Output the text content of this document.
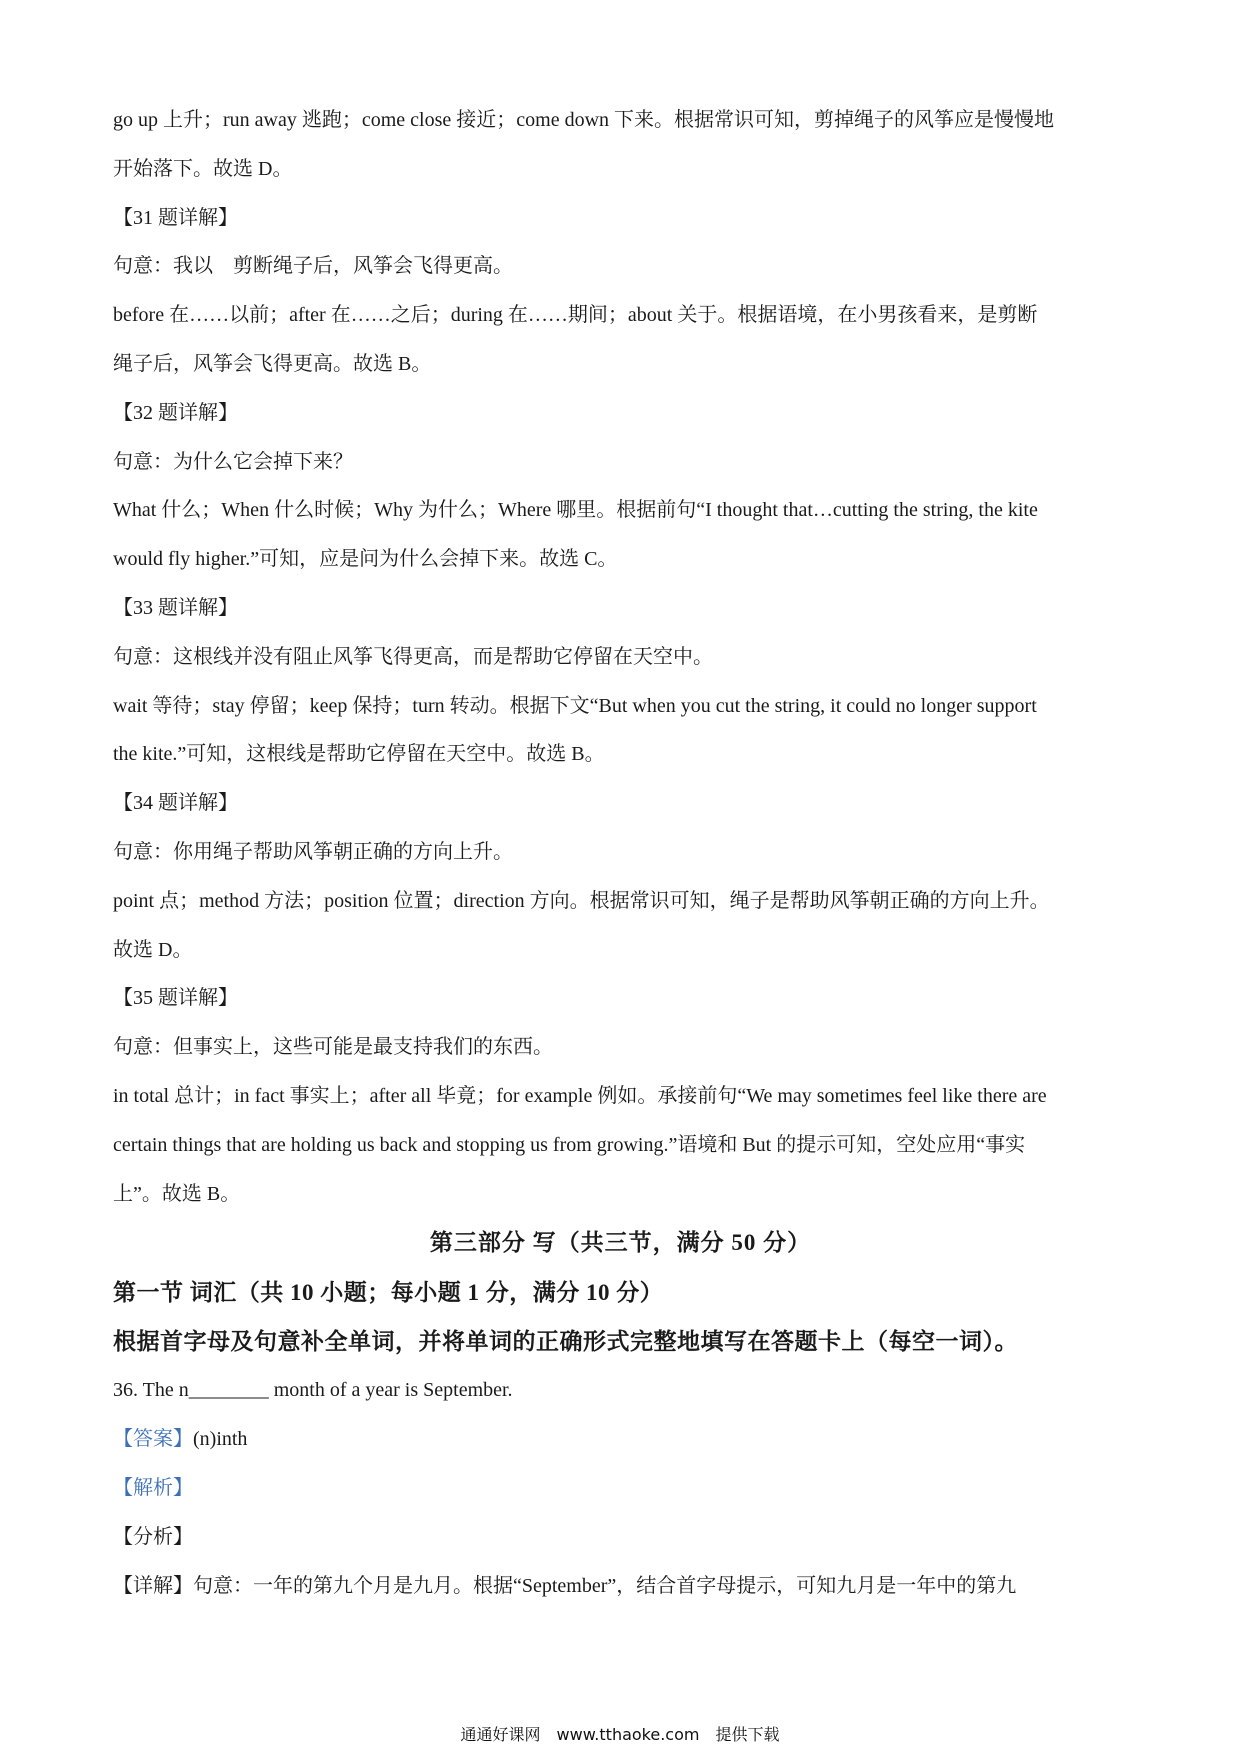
go up 上升；run away 逃跑；come close 接近；come down 下来。根据常识可知，剪掉绳子的风筝应是慢慢地

开始落下。故选 D。

【31 题详解】

句意：我以　剪断绳子后，风筝会飞得更高。

before 在……以前；after 在……之后；during 在……期间；about 关于。根据语境，在小男孩看来，是剪断

绳子后，风筝会飞得更高。故选 B。

【32 题详解】

句意：为什么它会掉下来？

What 什么；When 什么时候；Why 为什么；Where 哪里。根据前句“I thought that…cutting the string, the kite

would fly higher.”可知，应是问为什么会掉下来。故选 C。

【33 题详解】

句意：这根线并没有阻止风筝飞得更高，而是帮助它停留在天空中。

wait 等待；stay 停留；keep 保持；turn 转动。根据下文“But when you cut the string, it could no longer support

the kite.”可知，这根线是帮助它停留在天空中。故选 B。

【34 题详解】

句意：你用绳子帮助风筝朝正确的方向上升。

point 点；method 方法；position 位置；direction 方向。根据常识可知，绳子是帮助风筝朝正确的方向上升。

故选 D。

【35 题详解】

句意：但事实上，这些可能是最支持我们的东西。

in total 总计；in fact 事实上；after all 毕竟；for example 例如。承接前句“We may sometimes feel like there are

certain things that are holding us back and stopping us from growing.”语境和 But 的提示可知，空处应用“事实

上”。故选 B。

第三部分 写（共三节，满分 50 分）

第一节 词汇（共 10 小题；每小题 1 分，满分 10 分）

根据首字母及句意补全单词，并将单词的正确形式完整地填写在答题卡上（每空一词）。

36. The n________ month of a year is September.

【答案】(n)inth

【解析】

【分析】

【详解】句意：一年的第九个月是九月。根据“September”，结合首字母提示，可知九月是一年中的第九

通通好课网　www.tthaoke.com　提供下载
